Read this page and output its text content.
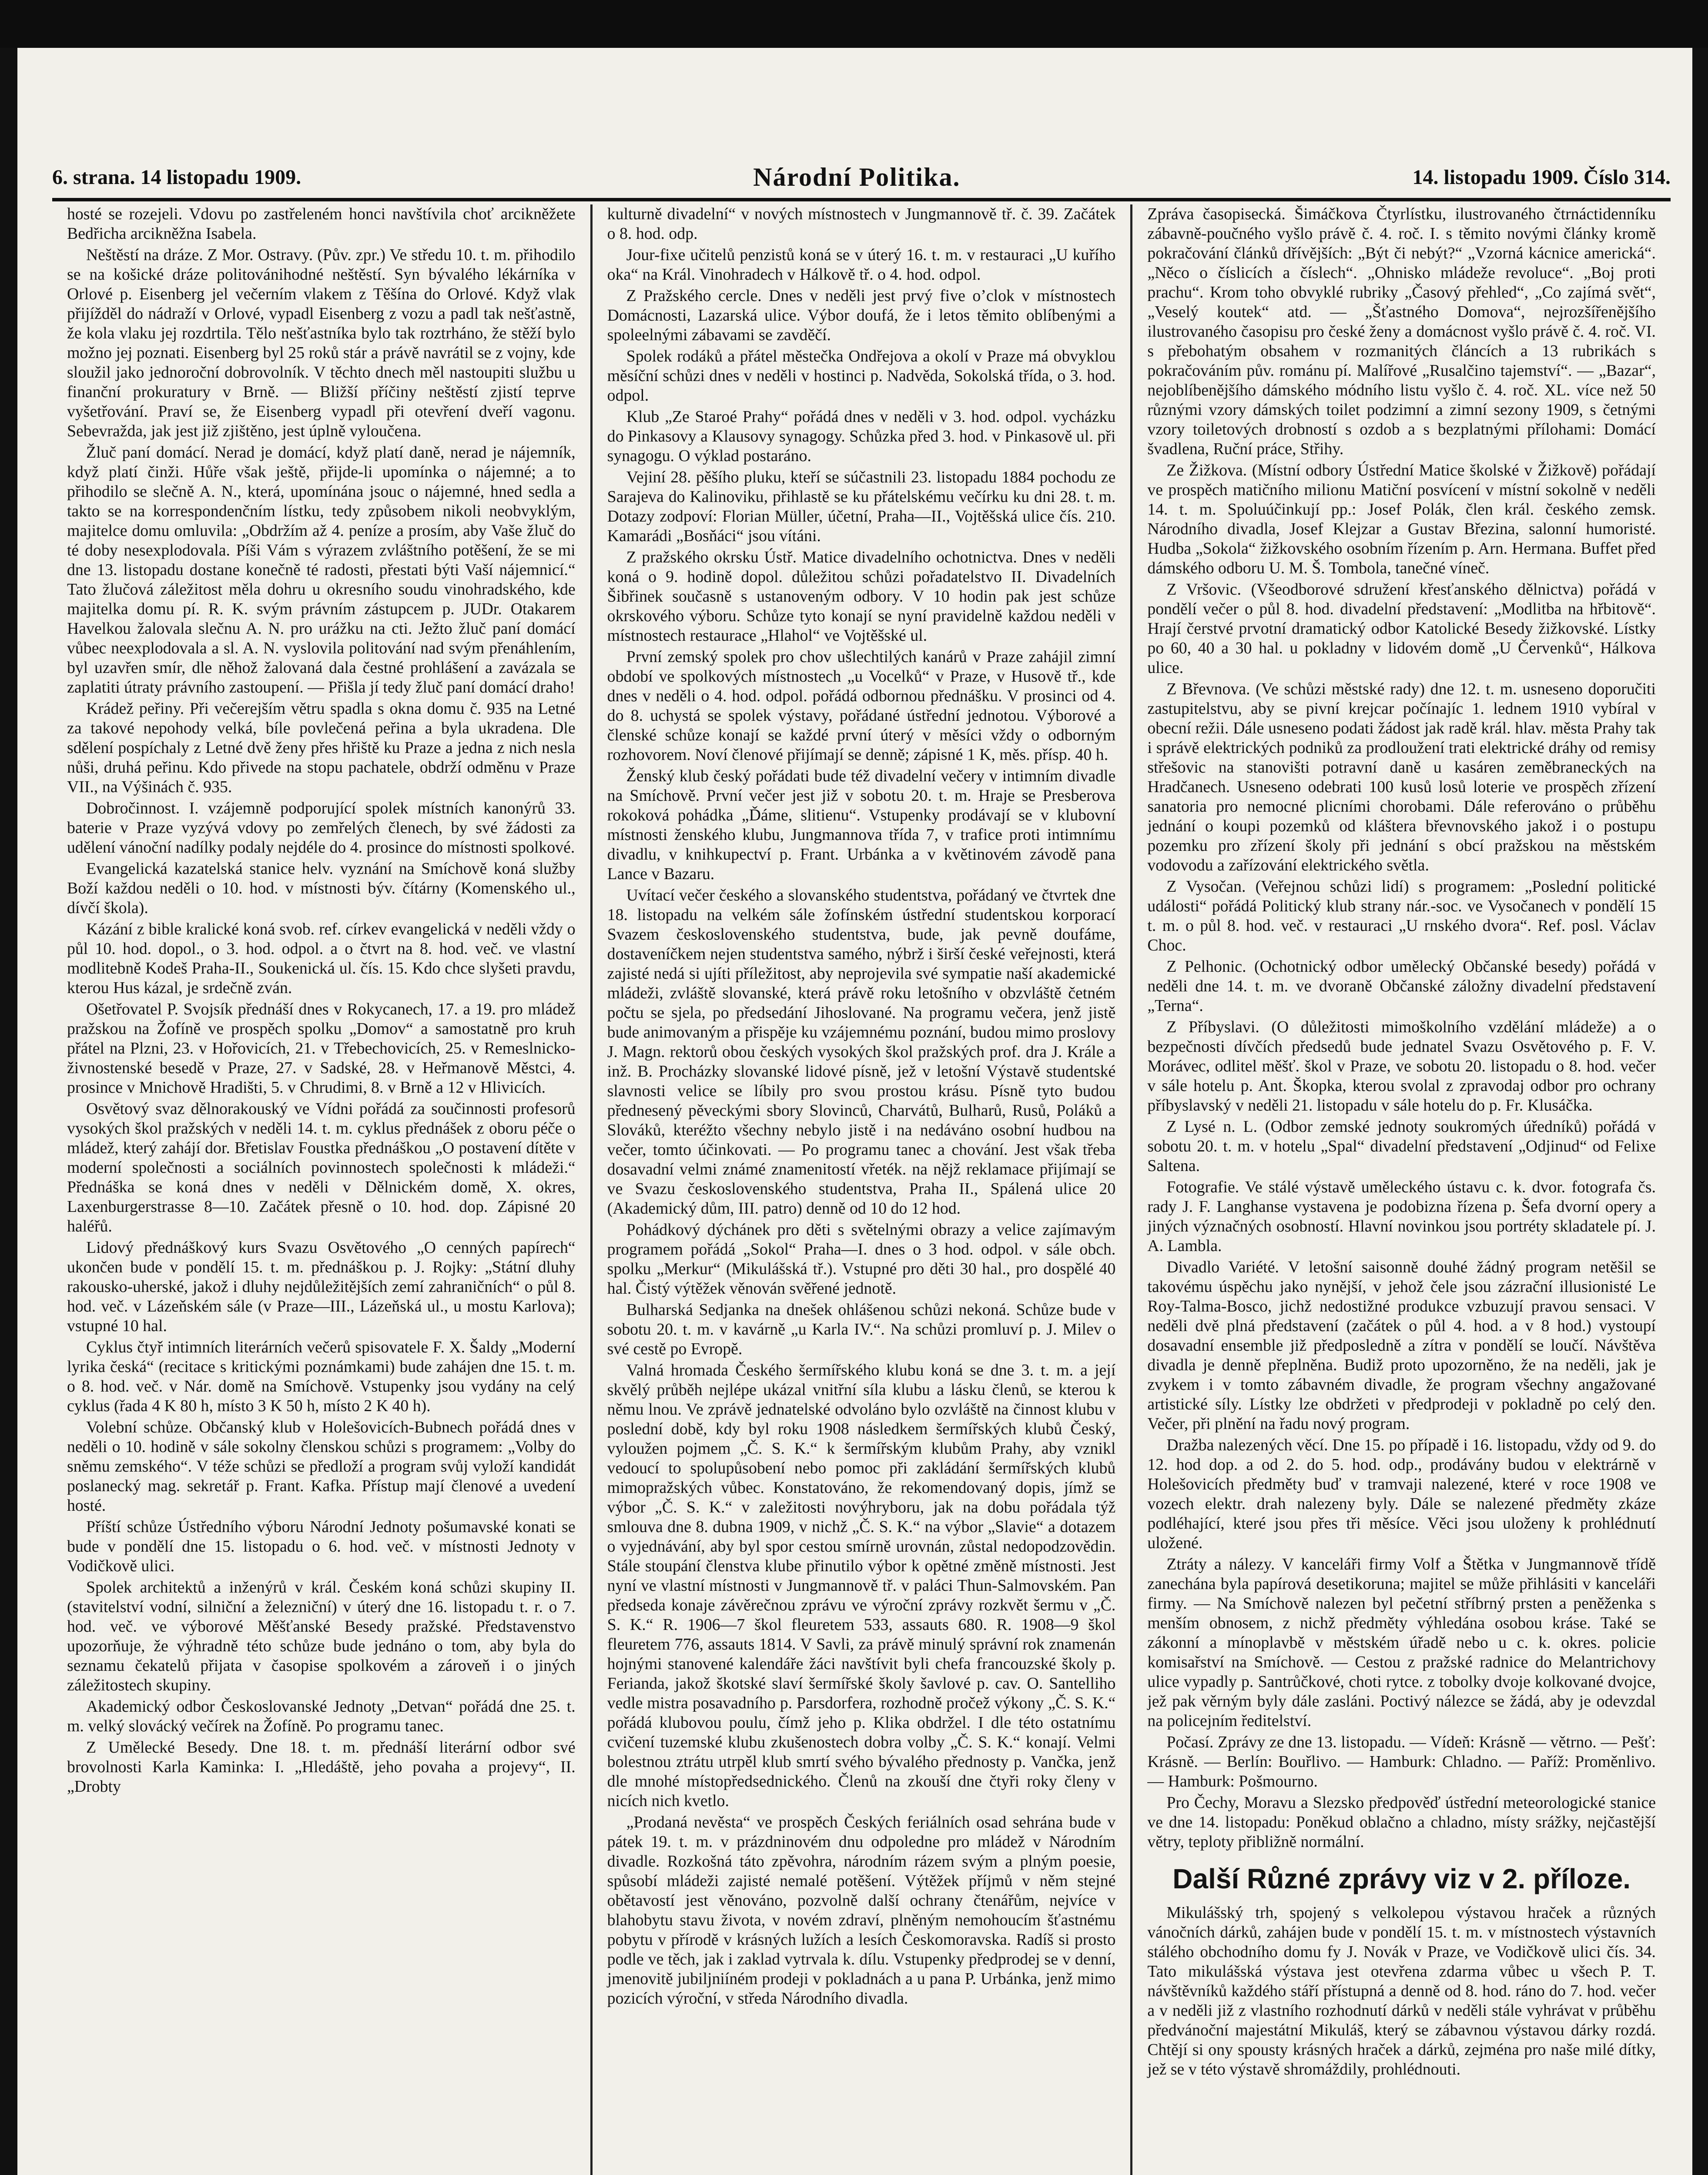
6. strana. 14 listopadu 1909.	Národní Politika.	14. listopadu 1909. Číslo 314.

hosté se rozejeli. Vdovu po zastřeleném honci navštívila choť arcikněžete Bedřicha arcikněžna Isabela.

Neštěstí na dráze. Z Mor. Ostravy. (Pův. zpr.) Ve středu 10. t. m. přihodilo se na košické dráze politovánihodné neštěstí. Syn bývalého lékárníka v Orlové p. Eisenberg jel večerním vlakem z Těšína do Orlové. Když vlak přijížděl do nádraží v Orlové, vypadl Eisenberg z vozu a padl tak nešťastně, že kola vlaku jej rozdrtila. Tělo nešťastníka bylo tak roztrháno, že stěží bylo možno jej poznati. Eisenberg byl 25 roků stár a právě navrátil se z vojny, kde sloužil jako jednoroční dobrovolník. V těchto dnech měl nastoupiti službu u finanční prokuratury v Brně. — Bližší příčiny neštěstí zjistí teprve vyšetřování. Praví se, že Eisenberg vypadl při otevření dveří vagonu. Sebevražda, jak jest již zjištěno, jest úplně vyloučena.

Žluč paní domácí. Nerad je domácí, když platí daně, nerad je nájemník, když platí činži. Hůře však ještě, přijde-li upomínka o nájemné; a to přihodilo se slečně A. N., která, upomínána jsouc o nájemné, hned sedla a takto se na korrespondenčním lístku, tedy způsobem nikoli neobvyklým, majitelce domu omluvila: „Obdržím až 4. peníze a prosím, aby Vaše žluč do té doby nesexplodovala. Píši Vám s výrazem zvláštního potěšení, že se mi dne 13. listopadu dostane konečně té radosti, přestati býti Vaší nájemnicí.“ Tato žlučová záležitost měla dohru u okresního soudu vinohradského, kde majitelka domu pí. R. K. svým právním zástupcem p. JUDr. Otakarem Havelkou žalovala slečnu A. N. pro urážku na cti. Ježto žluč paní domácí vůbec neexplodovala a sl. A. N. vyslovila politování nad svým přenáhlením, byl uzavřen smír, dle něhož žalovaná dala čestné prohlášení a zavázala se zaplatiti útraty právního zastoupení. — Přišla jí tedy žluč paní domácí draho!

Krádež peřiny. Při večerejším větru spadla s okna domu č. 935 na Letné za takové nepohody velká, bíle povlečená peřina a byla ukradena. Dle sdělení pospíchaly z Letné dvě ženy přes hřiště ku Praze a jedna z nich nesla nůši, druhá peřinu. Kdo přivede na stopu pachatele, obdrží odměnu v Praze VII., na Výšinách č. 935.

Dobročinnost. I. vzájemně podporující spolek místních kanonýrů 33. baterie v Praze vyzývá vdovy po zemřelých členech, by své žádosti za udělení vánoční nadílky podaly nejdéle do 4. prosince do místnosti spolkové.

Evangelická kazatelská stanice helv. vyznání na Smíchově koná služby Boží každou neděli o 10. hod. v místnosti býv. čítárny (Komenského ul., dívčí škola).

Kázání z bible kralické koná svob. ref. církev evangelická v neděli vždy o půl 10. hod. dopol., o 3. hod. odpol. a o čtvrt na 8. hod. več. ve vlastní modlitebně Kodeš Praha-II., Soukenická ul. čís. 15. Kdo chce slyšeti pravdu, kterou Hus kázal, je srdečně zván.

Ošetřovatel P. Svojsík přednáší dnes v Rokycanech, 17. a 19. pro mládež pražskou na Žofíně ve prospěch spolku „Domov“ a samostatně pro kruh přátel na Plzni, 23. v Hořovicích, 21. v Třebechovicích, 25. v Remeslnicko-živnostenské besedě v Praze, 27. v Sadské, 28. v Heřmanově Městci, 4. prosince v Mnichově Hradišti, 5. v Chrudimi, 8. v Brně a 12 v Hlivicích.

Osvětový svaz dělnorakouský ve Vídni pořádá za součinnosti profesorů vysokých škol pražských v neděli 14. t. m. cyklus přednášek z oboru péče o mládež, který zahájí dor. Břetislav Foustka přednáškou „O postavení dítěte v moderní společnosti a sociálních povinnostech společnosti k mládeži.“ Přednáška se koná dnes v neděli v Dělnickém domě, X. okres, Laxenburgerstrasse 8—10. Začátek přesně o 10. hod. dop. Zápisné 20 haléřů.

Lidový přednáškový kurs Svazu Osvětového „O cenných papírech“ ukončen bude v pondělí 15. t. m. přednáškou p. J. Rojky: „Státní dluhy rakousko-uherské, jakož i dluhy nejdůležitějších zemí zahraničních“ o půl 8. hod. več. v Lázeňském sále (v Praze—III., Lázeňská ul., u mostu Karlova); vstupné 10 hal.

Cyklus čtyř intimních literárních večerů spisovatele F. X. Šaldy „Moderní lyrika česká“ (recitace s kritickými poznámkami) bude zahájen dne 15. t. m. o 8. hod. več. v Nár. domě na Smíchově. Vstupenky jsou vydány na celý cyklus (řada 4 K 80 h, místo 3 K 50 h, místo 2 K 40 h).

Volební schůze. Občanský klub v Holešovicích-Bubnech pořádá dnes v neděli o 10. hodině v sále sokolny členskou schůzi s programem: „Volby do sněmu zemského“. V téže schůzi se předloží a program svůj vyloží kandidát poslanecký mag. sekretář p. Frant. Kafka. Přístup mají členové a uvedení hosté.

Příští schůze Ústředního výboru Národní Jednoty pošumavské konati se bude v pondělí dne 15. listopadu o 6. hod. več. v místnosti Jednoty v Vodičkově ulici.

Spolek architektů a inženýrů v král. Českém koná schůzi skupiny II. (stavitelství vodní, silniční a železniční) v úterý dne 16. listopadu t. r. o 7. hod. več. ve výborové Měšťanské Besedy pražské. Představenstvo upozorňuje, že výhradně této schůze bude jednáno o tom, aby byla do seznamu čekatelů přijata v časopise spolkovém a zároveň i o jiných záležitostech skupiny.

Akademický odbor Českoslovanské Jednoty „Detvan“ pořádá dne 25. t. m. velký slovácký večírek na Žofíně. Po programu tanec.

Z Umělecké Besedy. Dne 18. t. m. přednáší literární odbor své brovolnosti Karla Kaminka: I. „Hledáště, jeho povaha a projevy“, II. „Drobty

kulturně divadelní“ v nových místnostech v Jungmannově tř. č. 39. Začátek o 8. hod. odp.

Jour-fixe učitelů penzistů koná se v úterý 16. t. m. v restauraci „U kuřího oka“ na Král. Vinohradech v Hálkově tř. o 4. hod. odpol.

Z Pražského cercle. Dnes v neděli jest prvý five o’clok v místnostech Domácnosti, Lazarská ulice. Výbor doufá, že i letos těmito oblíbenými a spoleelnými zábavami se zavděčí.

Spolek rodáků a přátel městečka Ondřejova a okolí v Praze má obvyklou měsíční schůzi dnes v neděli v hostinci p. Nadvěda, Sokolská třída, o 3. hod. odpol.

Klub „Ze Staroé Prahy“ pořádá dnes v neděli v 3. hod. odpol. vycházku do Pinkasovy a Klausovy synagogy. Schůzka před 3. hod. v Pinkasově ul. při synagogu. O výklad postaráno.

Vejiní 28. pěšího pluku, kteří se súčastnili 23. listopadu 1884 pochodu ze Sarajeva do Kalinoviku, přihlastě se ku přátelskému večírku ku dni 28. t. m. Dotazy zodpoví: Florian Müller, účetní, Praha—II., Vojtěšská ulice čís. 210. Kamarádi „Bosňáci“ jsou vítáni.

Z pražského okrsku Ústř. Matice divadelního ochotnictva. Dnes v neděli koná o 9. hodině dopol. důležitou schůzi pořadatelstvo II. Divadelních Šibřinek současně s ustanoveným odbory. V 10 hodin pak jest schůze okrskového výboru. Schůze tyto konají se nyní pravidelně každou neděli v místnostech restaurace „Hlahol“ ve Vojtěšské ul.

První zemský spolek pro chov ušlechtilých kanárů v Praze zahájil zimní období ve spolkových místnostech „u Vocelků“ v Praze, v Husově tř., kde dnes v neděli o 4. hod. odpol. pořádá odbornou přednášku. V prosinci od 4. do 8. uchystá se spolek výstavy, pořádané ústřední jednotou. Výborové a členské schůze konají se každé první úterý v měsíci vždy o odborným rozhovorem. Noví členové přijímají se denně; zápisné 1 K, měs. přísp. 40 h.

Ženský klub český pořádati bude též divadelní večery v intimním divadle na Smíchově. První večer jest již v sobotu 20. t. m. Hraje se Presberova rokoková pohádka „Ďáme, slitienu“. Vstupenky prodávají se v klubovní místnosti ženského klubu, Jungmannova třída 7, v trafice proti intimnímu divadlu, v knihkupectví p. Frant. Urbánka a v květinovém závodě pana Lance v Bazaru.

Uvítací večer českého a slovanského studentstva, pořádaný ve čtvrtek dne 18. listopadu na velkém sále žofínském ústřední studentskou korporací Svazem československého studentstva, bude, jak pevně doufáme, dostaveníčkem nejen studentstva samého, nýbrž i širší české veřejnosti, která zajisté nedá si ujíti příležitost, aby neprojevila své sympatie naší akademické mládeži, zvláště slovanské, která právě roku letošního v obzvláště četném počtu se sjela, po předsedání Jihoslované. Na programu večera, jenž jistě bude animovaným a přispěje ku vzájemnému poznání, budou mimo proslovy J. Magn. rektorů obou českých vysokých škol pražských prof. dra J. Krále a inž. B. Procházky slovanské lidové písně, jež v letošní Výstavě studentské slavnosti velice se líbily pro svou prostou krásu. Písně tyto budou přednesený pěveckými sbory Slovinců, Charvátů, Bulharů, Rusů, Poláků a Slováků, kteréžto všechny nebylo jistě i na nedáváno osobní hudbou na večer, tomto účinkovati. — Po programu tanec a chování. Jest však třeba dosavadní velmi známé znamenitostí vřeték. na nějž reklamace přijímají se ve Svazu československého studentstva, Praha II., Spálená ulice 20 (Akademický dům, III. patro) denně od 10 do 12 hod.

Pohádkový dýchánek pro děti s světelnými obrazy a velice zajímavým programem pořádá „Sokol“ Praha—I. dnes o 3 hod. odpol. v sále obch. spolku „Merkur“ (Mikulášská tř.). Vstupné pro děti 30 hal., pro dospělé 40 hal. Čistý výtěžek věnován svěřené jednotě.

Bulharská Sedjanka na dnešek ohlášenou schůzi nekoná. Schůze bude v sobotu 20. t. m. v kavárně „u Karla IV.“. Na schůzi promluví p. J. Milev o své cestě po Evropě.

Valná hromada Českého šermířského klubu koná se dne 3. t. m. a její skvělý průběh nejlépe ukázal vnitřní síla klubu a lásku členů, se kterou k němu lnou. Ve zprávě jednatelské odvoláno bylo ozvláště na činnost klubu v poslední době, kdy byl roku 1908 následkem šermířských klubů Český, vyloužen pojmem „Č. S. K.“ k šermířským klubům Prahy, aby vznikl vedoucí to spolupůsobení nebo pomoc při zakládání šermířských klubů mimopražských vůbec. Konstatováno, že rekomendovaný dopis, jímž se výbor „Č. S. K.“ v zaležitosti novýhryboru, jak na dobu pořádala týž smlouva dne 8. dubna 1909, v nichž „Č. S. K.“ na výbor „Slavie“ a dotazem o vyjednávání, aby byl spor cestou smírně urovnán, zůstal nedopodzovědin. Stále stoupání členstva klube přinutilo výbor k opětné změně místnosti. Jest nyní ve vlastní místnosti v Jungmannově tř. v paláci Thun-Salmovském. Pan předseda konaje závěrečnou zprávu ve výroční zprávy rozkvět šermu v „Č. S. K.“ R. 1906—7 škol fleuretem 533, assauts 680. R. 1908—9 škol fleuretem 776, assauts 1814. V Savli, za právě minulý správní rok znamenán hojnými stanovené kalendáře žáci navštívit byli chefa francouzské školy p. Ferianda, jakož škotské slaví šermířské školy šavlové p. cav. O. Santelliho vedle mistra posavadního p. Parsdorfera, rozhodně pročež výkony „Č. S. K.“ pořádá klubovou poulu, čímž jeho p. Klika obdržel. I dle této ostatnímu cvičení tuzemské klubu zkušenostech dobra volby „Č. S. K.“ konají. Velmi bolestnou ztrátu utrpěl klub smrtí svého bývalého přednosty p. Vančka, jenž dle mnohé místopředsednického. Členů na zkouší dne čtyři roky členy v nicích nich kvetlo.

„Prodaná nevěsta“ ve prospěch Českých feriálních osad sehrána bude v pátek 19. t. m. v prázdninovém dnu odpoledne pro mládež v Národním divadle. Rozkošná táto zpěvohra, národním rázem svým a plným poesie, spůsobí mládeži zajisté nemalé potěšení. Výtěžek příjmů v něm stejné obětavostí jest věnováno, pozvolně další ochrany čtenářům, nejvíce v blahobytu stavu života, v novém zdraví, plněným nemohoucím šťastnému pobytu v přírodě v krásných lužích a lesích Českomoravska. Radíš si prosto podle ve těch, jak i zaklad vytrvala k. dílu. Vstupenky předprodej se v denní, jmenovitě jubiljniíném prodeji v pokladnách a u pana P. Urbánka, jenž mimo pozicích výroční, v středa Národního divadla.

Zpráva časopisecká. Šimáčkova Čtyrlístku, ilustrovaného čtrnáctidenníku zábavně-poučného vyšlo právě č. 4. roč. I. s těmito novými články kromě pokračování článků dřívějších: „Být či nebýt?“ „Vzorná kácnice americká“. „Něco o číslicích a číslech“. „Ohnisko mládeže revoluce“. „Boj proti prachu“. Krom toho obvyklé rubriky „Časový přehled“, „Co zajímá svět“, „Veselý koutek“ atd. — „Šťastného Domova“, nejrozšířenějšího ilustrovaného časopisu pro české ženy a domácnost vyšlo právě č. 4. roč. VI. s přebohatým obsahem v rozmanitých článcích a 13 rubrikách s pokračováním pův. románu pí. Malířové „Rusalčino tajemství“. — „Bazar“, nejoblíbenějšího dámského módního listu vyšlo č. 4. roč. XL. více než 50 různými vzory dámských toilet podzimní a zimní sezony 1909, s četnými vzory toiletových drobností s ozdob a s bezplatnými přílohami: Domácí švadlena, Ruční práce, Střihy.

Ze Žižkova. (Místní odbory Ústřední Matice školské v Žižkově) pořádají ve prospěch matičního milionu Matiční posvícení v místní sokolně v neděli 14. t. m. Spoluúčinkují pp.: Josef Polák, člen král. českého zemsk. Národního divadla, Josef Klejzar a Gustav Březina, salonní humoristé. Hudba „Sokola“ žižkovského osobním řízením p. Arn. Hermana. Buffet před dámského odboru U. M. Š. Tombola, tanečné víneč.

Z Vršovic. (Všeodborové sdružení křesťanského dělnictva) pořádá v pondělí večer o půl 8. hod. divadelní představení: „Modlitba na hřbitově“. Hrají čerstvé prvotní dramatický odbor Katolické Besedy žižkovské. Lístky po 60, 40 a 30 hal. u pokladny v lidovém domě „U Červenků“, Hálkova ulice.

Z Břevnova. (Ve schůzi městské rady) dne 12. t. m. usneseno doporučiti zastupitelstvu, aby se pivní krejcar počínajíc 1. lednem 1910 vybíral v obecní režii. Dále usneseno podati žádost jak radě král. hlav. města Prahy tak i správě elektrických podniků za prodloužení trati elektrické dráhy od remisy střešovic na stanovišti potravní daně u kasáren zeměbraneckých na Hradčanech. Usneseno odebrati 100 kusů losů loterie ve prospěch zřízení sanatoria pro nemocné plicními chorobami. Dále referováno o průběhu jednání o koupi pozemků od kláštera břevnovského jakož i o postupu pozemku pro zřízení školy při jednání s obcí pražskou na městském vodovodu a zařízování elektrického světla.

Z Vysočan. (Veřejnou schůzi lidí) s programem: „Poslední politické události“ pořádá Politický klub strany nár.-soc. ve Vysočanech v pondělí 15 t. m. o půl 8. hod. več. v restauraci „U rnského dvora“. Ref. posl. Václav Choc.

Z Pelhonic. (Ochotnický odbor umělecký Občanské besedy) pořádá v neděli dne 14. t. m. ve dvoraně Občanské záložny divadelní představení „Terna“.

Z Příbyslavi. (O důležitosti mimoškolního vzdělání mládeže) a o bezpečnosti dívčích předsedů bude jednatel Svazu Osvětového p. F. V. Morávec, odlitel měšť. škol v Praze, ve sobotu 20. listopadu o 8. hod. večer v sále hotelu p. Ant. Škopka, kterou svolal z zpravodaj odbor pro ochrany příbyslavský v neděli 21. listopadu v sále hotelu do p. Fr. Klusáčka.

Z Lysé n. L. (Odbor zemské jednoty soukromých úředníků) pořádá v sobotu 20. t. m. v hotelu „Spal“ divadelní představení „Odjinud“ od Felixe Saltena.

Fotografie. Ve stálé výstavě uměleckého ústavu c. k. dvor. fotografa čs. rady J. F. Langhanse vystavena je podobizna řízena p. Šefa dvorní opery a jiných význačných osobností. Hlavní novinkou jsou portréty skladatele pí. J. A. Lambla.

Divadlo Variété. V letošní saisonně douhé žádný program netěšil se takovému úspěchu jako nynější, v jehož čele jsou zázrační illusionisté Le Roy-Talma-Bosco, jichž nedostižné produkce vzbuzují pravou sensaci. V neděli dvě plná představení (začátek o půl 4. hod. a v 8 hod.) vystoupí dosavadní ensemble již předposledně a zítra v pondělí se loučí. Návštěva divadla je denně přeplněna. Budiž proto upozorněno, že na neděli, jak je zvykem i v tomto zábavném divadle, že program všechny angažované artistické síly. Lístky lze obdržeti v předprodeji v pokladně po celý den. Večer, při plnění na řadu nový program.

Dražba nalezených věcí. Dne 15. po případě i 16. listopadu, vždy od 9. do 12. hod dop. a od 2. do 5. hod. odp., prodávány budou v elektrárně v Holešovicích předměty buď v tramvaji nalezené, které v roce 1908 ve vozech elektr. drah nalezeny byly. Dále se nalezené předměty zkáze podléhající, které jsou přes tři měsíce. Věci jsou uloženy k prohlédnutí uložené.

Ztráty a nálezy. V kanceláři firmy Volf a Štětka v Jungmannově třídě zanechána byla papírová desetikoruna; majitel se může přihlásiti v kanceláři firmy. — Na Smíchově nalezen byl pečetní stříbrný prsten a peněženka s menším obnosem, z nichž předměty výhledána osobou kráse. Také se zákonní a mínoplavbě v městském úřadě nebo u c. k. okres. policie komisařství na Smíchově. — Cestou z pražské radnice do Melantrichovy ulice vypadly p. Santrůčkové, choti rytce. z tobolky dvoje kolkované dvojce, jež pak věrným byly dále zasláni. Poctivý nálezce se žádá, aby je odevzdal na policejním ředitelství.

Počasí. Zprávy ze dne 13. listopadu. — Vídeň: Krásně — větrno. — Pešť: Krásně. — Berlín: Bouřlivo. — Hamburk: Chladno. — Paříž: Proměnlivo. — Hamburk: Pošmourno.

Pro Čechy, Moravu a Slezsko předpověď ústřední meteorologické stanice ve dne 14. listopadu: Poněkud oblačno a chladno, místy srážky, nejčastější větry, teploty přibližně normální.

Další Různé zprávy viz v 2. příloze.

Mikulášský trh, spojený s velkolepou výstavou hraček a různých vánočních dárků, zahájen bude v pondělí 15. t. m. v místnostech výstavních stálého obchodního domu fy J. Novák v Praze, ve Vodičkově ulici čís. 34. Tato mikulášská výstava jest otevřena zdarma vůbec u všech P. T. návštěvníků každého stáří přístupná a denně od 8. hod. ráno do 7. hod. večer a v neděli již z vlastního rozhodnutí dárků v neděli stále vyhrávat v průběhu předvánoční majestátní Mikuláš, který se zábavnou výstavou dárky rozdá. Chtějí si ony spousty krásných hraček a dárků, zejména pro naše milé dítky, jež se v této výstavě shromáždily, prohlédnouti.
